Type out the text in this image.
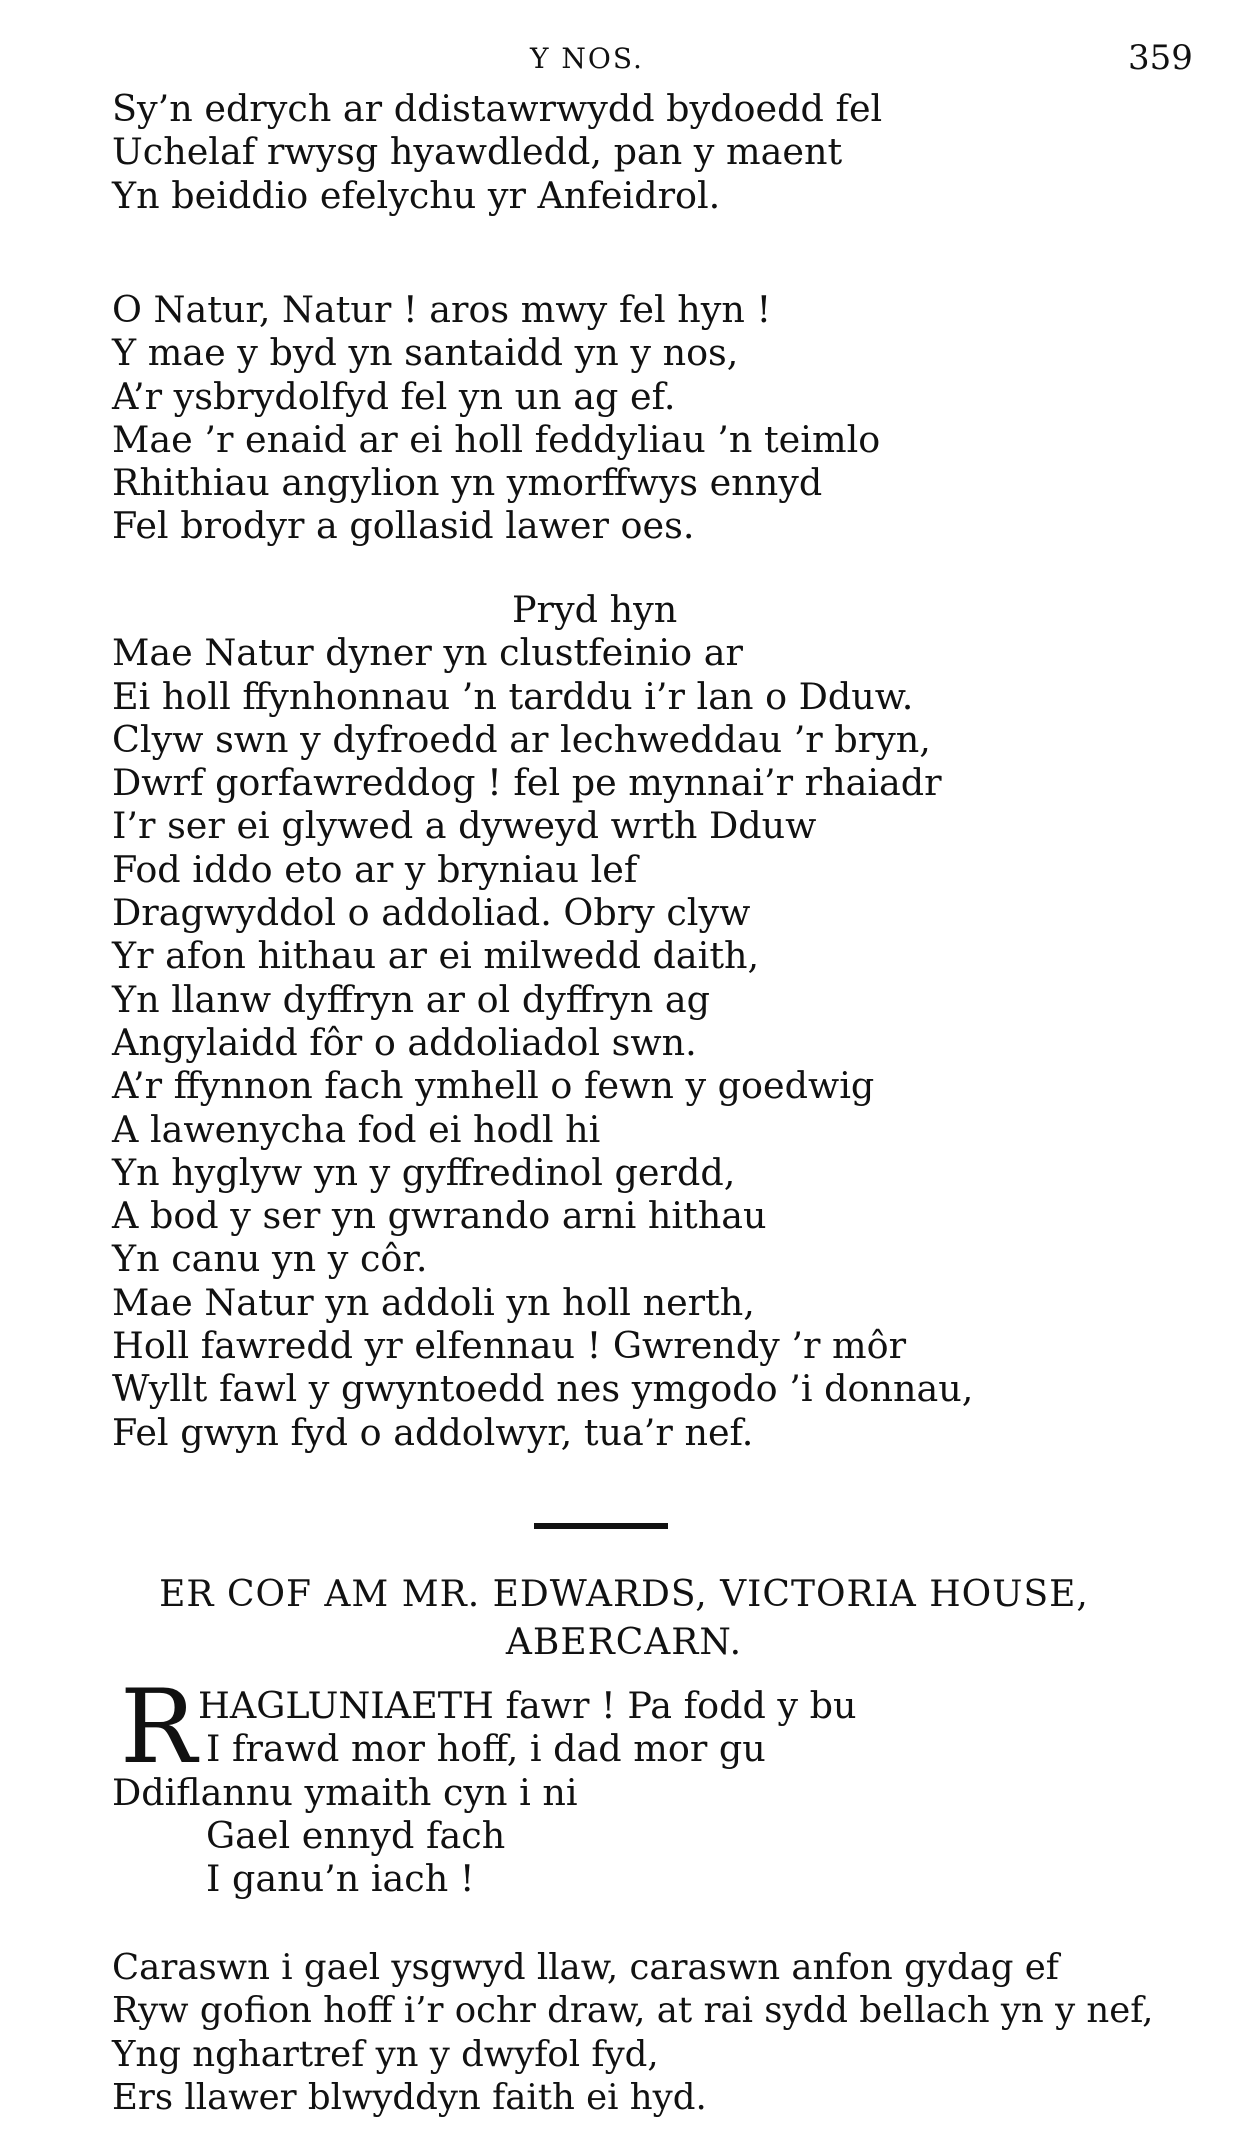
Y NOS.	359
Sy’n edrych ar ddistawrwydd bydoedd fel
Uchelaf rwysg hyawdledd, pan y maent
Yn beiddio efelychu yr Anfeidrol.
O Natur, Natur ! aros mwy fel hyn !
Y mae y byd yn santaidd yn y nos,
A’r ysbrydolfyd fel yn un ag ef.
Mae ’r enaid ar ei holl feddyliau ’n teimlo
Rhithiau angylion yn ymorffwys ennyd
Fel brodyr a gollasid lawer oes.
Pryd hyn
Mae Natur dyner yn clustfeinio ar
Ei holl ffynhonnau ’n tarddu i’r lan o Dduw.
Clyw swn y dyfroedd ar lechweddau ’r bryn,
Dwrf gorfawreddog ! fel pe mynnai’r rhaiadr
I’r ser ei glywed a dyweyd wrth Dduw
Fod iddo eto ar y bryniau lef
Dragwyddol o addoliad. Obry clyw
Yr afon hithau ar ei milwedd daith,
Yn llanw dyffryn ar ol dyffryn ag
Angylaidd fôr o addoliadol swn.
A’r ffynnon fach ymhell o fewn y goedwig
A lawenycha fod ei hodl hi
Yn hyglyw yn y gyffredinol gerdd,
A bod y ser yn gwrando arni hithau
Yn canu yn y côr.
Mae Natur yn addoli yn holl nerth,
Holl fawredd yr elfennau ! Gwrendy ’r môr
Wyllt fawl y gwyntoedd nes ymgodo ’i donnau,
Fel gwyn fyd o addolwyr, tua’r nef.
ER COF AM MR. EDWARDS, VICTORIA HOUSE,
ABERCARN.
R HAGLUNIAETH fawr ! Pa fodd y bu
I frawd mor hoff, i dad mor gu
Ddiflannu ymaith cyn i ni
Gael ennyd fach
I ganu’n iach !
Caraswn i gael ysgwyd llaw, caraswn anfon gydag ef
Ryw gofion hoff i’r ochr draw, at rai sydd bellach yn y nef,
Yng nghartref yn y dwyfol fyd,
Ers llawer blwyddyn faith ei hyd.
